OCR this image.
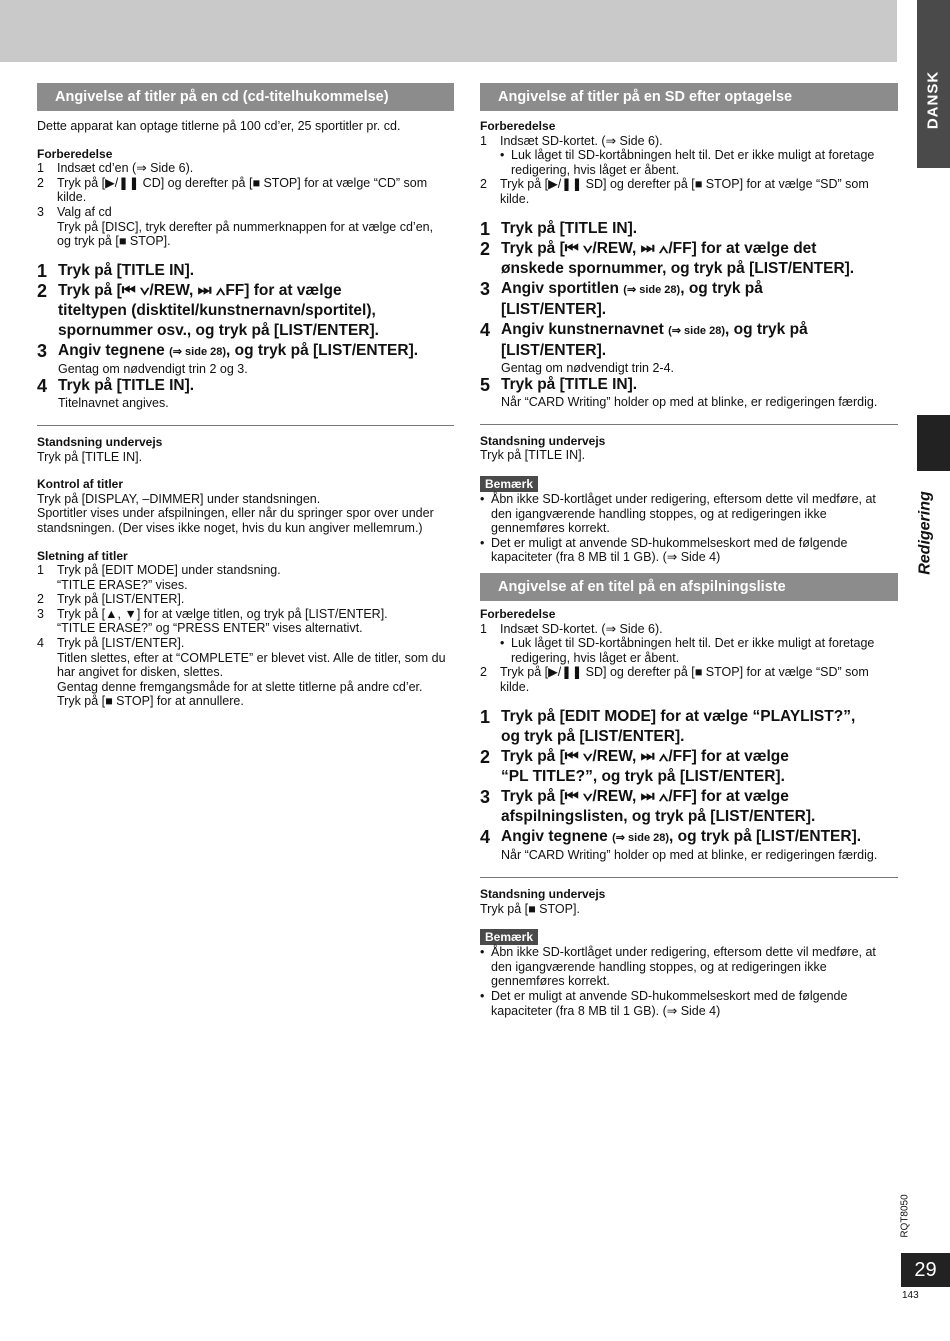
DANSK
Redigering
RQT8050
29
143
Angivelse af titler på en cd (cd-titelhukommelse)
Dette apparat kan optage titlerne på 100 cd’er, 25 sportitler pr. cd.
Forberedelse
1	Indsæt cd’en (⇒ Side 6).
2	Tryk på [▶/❚❚ CD] og derefter på [■ STOP] for at vælge “CD” som
kilde.
3	Valg af cd
Tryk på [DISC], tryk derefter på nummerknappen for at vælge cd’en,
og tryk på [■ STOP].
1 Tryk på [TITLE IN].
2 Tryk på [⏮ ∨/REW, ⏭ ∧FF] for at vælge
titeltypen (disktitel/kunstnernavn/sportitel),
spornummer osv., og tryk på [LIST/ENTER].
3 Angiv tegnene (⇒ side 28), og tryk på [LIST/ENTER].
Gentag om nødvendigt trin 2 og 3.
4 Tryk på [TITLE IN].
Titelnavnet angives.
Standsning undervejs
Tryk på [TITLE IN].
Kontrol af titler
Tryk på [DISPLAY, –DIMMER] under standsningen.
Sportitler vises under afspilningen, eller når du springer spor over under
standsningen. (Der vises ikke noget, hvis du kun angiver mellemrum.)
Sletning af titler
1	Tryk på [EDIT MODE] under standsning.
“TITLE ERASE?” vises.
2	Tryk på [LIST/ENTER].
3	Tryk på [▲, ▼] for at vælge titlen, og tryk på [LIST/ENTER].
“TITLE ERASE?” og “PRESS ENTER” vises alternativt.
4	Tryk på [LIST/ENTER].
Titlen slettes, efter at “COMPLETE” er blevet vist. Alle de titler, som du
har angivet for disken, slettes.
Gentag denne fremgangsmåde for at slette titlerne på andre cd’er.
Tryk på [■ STOP] for at annullere.
Angivelse af titler på en SD efter optagelse
Forberedelse
1	Indsæt SD-kortet. (⇒ Side 6).
• Luk låget til SD-kortåbningen helt til. Det er ikke muligt at foretage
redigering, hvis låget er åbent.
2	Tryk på [▶/❚❚ SD] og derefter på [■ STOP] for at vælge “SD” som
kilde.
1 Tryk på [TITLE IN].
2 Tryk på [⏮ ∨/REW, ⏭ ∧/FF] for at vælge det
ønskede spornummer, og tryk på [LIST/ENTER].
3 Angiv sportitlen (⇒ side 28), og tryk på
[LIST/ENTER].
4 Angiv kunstnernavnet (⇒ side 28), og tryk på
[LIST/ENTER].
Gentag om nødvendigt trin 2-4.
5 Tryk på [TITLE IN].
Når “CARD Writing” holder op med at blinke, er redigeringen færdig.
Standsning undervejs
Tryk på [TITLE IN].
Bemærk
• Åbn ikke SD-kortlåget under redigering, eftersom dette vil medføre, at
den igangværende handling stoppes, og at redigeringen ikke
gennemføres korrekt.
• Det er muligt at anvende SD-hukommelseskort med de følgende
kapaciteter (fra 8 MB til 1 GB). (⇒ Side 4)
Angivelse af en titel på en afspilningsliste
Forberedelse
1	Indsæt SD-kortet. (⇒ Side 6).
• Luk låget til SD-kortåbningen helt til. Det er ikke muligt at foretage
redigering, hvis låget er åbent.
2	Tryk på [▶/❚❚ SD] og derefter på [■ STOP] for at vælge “SD” som
kilde.
1 Tryk på [EDIT MODE] for at vælge “PLAYLIST?”,
og tryk på [LIST/ENTER].
2 Tryk på [⏮ ∨/REW, ⏭ ∧/FF] for at vælge
“PL TITLE?”, og tryk på [LIST/ENTER].
3 Tryk på [⏮ ∨/REW, ⏭ ∧/FF] for at vælge
afspilningslisten, og tryk på [LIST/ENTER].
4 Angiv tegnene (⇒ side 28), og tryk på [LIST/ENTER].
Når “CARD Writing” holder op med at blinke, er redigeringen færdig.
Standsning undervejs
Tryk på [■ STOP].
Bemærk
• Åbn ikke SD-kortlåget under redigering, eftersom dette vil medføre, at
den igangværende handling stoppes, og at redigeringen ikke
gennemføres korrekt.
• Det er muligt at anvende SD-hukommelseskort med de følgende
kapaciteter (fra 8 MB til 1 GB). (⇒ Side 4)
